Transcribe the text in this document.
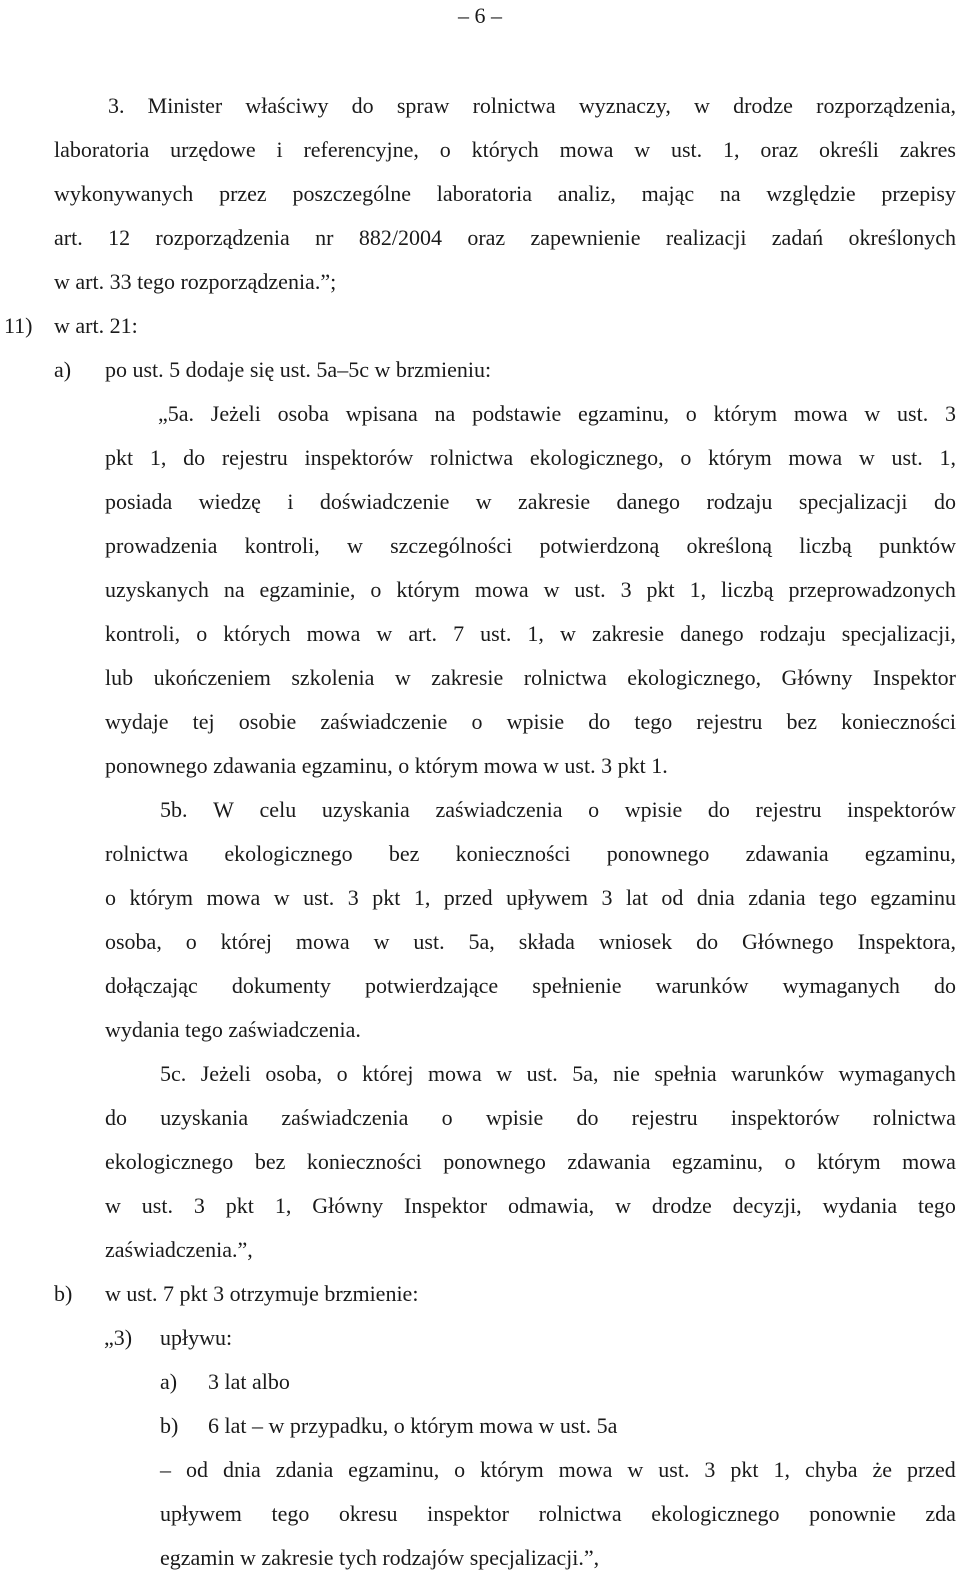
– 6 –
3. Minister właściwy do spraw rolnictwa wyznaczy, w drodze rozporządzenia,
laboratoria urzędowe i referencyjne, o których mowa w ust. 1, oraz określi zakres
wykonywanych przez poszczególne laboratoria analiz, mając na względzie przepisy
art. 12 rozporządzenia nr 882/2004 oraz zapewnienie realizacji zadań określonych
w art. 33 tego rozporządzenia.”;
11) w art. 21:
a) po ust. 5 dodaje się ust. 5a–5c w brzmieniu:
„5a. Jeżeli osoba wpisana na podstawie egzaminu, o którym mowa w ust. 3
pkt 1, do rejestru inspektorów rolnictwa ekologicznego, o którym mowa w ust. 1,
posiada wiedzę i doświadczenie w zakresie danego rodzaju specjalizacji do
prowadzenia kontroli, w szczególności potwierdzoną określoną liczbą punktów
uzyskanych na egzaminie, o którym mowa w ust. 3 pkt 1, liczbą przeprowadzonych
kontroli, o których mowa w art. 7 ust. 1, w zakresie danego rodzaju specjalizacji,
lub ukończeniem szkolenia w zakresie rolnictwa ekologicznego, Główny Inspektor
wydaje tej osobie zaświadczenie o wpisie do tego rejestru bez konieczności
ponownego zdawania egzaminu, o którym mowa w ust. 3 pkt 1.
5b. W celu uzyskania zaświadczenia o wpisie do rejestru inspektorów
rolnictwa ekologicznego bez konieczności ponownego zdawania egzaminu,
o którym mowa w ust. 3 pkt 1, przed upływem 3 lat od dnia zdania tego egzaminu
osoba, o której mowa w ust. 5a, składa wniosek do Głównego Inspektora,
dołączając dokumenty potwierdzające spełnienie warunków wymaganych do
wydania tego zaświadczenia.
5c. Jeżeli osoba, o której mowa w ust. 5a, nie spełnia warunków wymaganych
do uzyskania zaświadczenia o wpisie do rejestru inspektorów rolnictwa
ekologicznego bez konieczności ponownego zdawania egzaminu, o którym mowa
w ust. 3 pkt 1, Główny Inspektor odmawia, w drodze decyzji, wydania tego
zaświadczenia.”,
b) w ust. 7 pkt 3 otrzymuje brzmienie:
„3) upływu:
a) 3 lat albo
b) 6 lat – w przypadku, o którym mowa w ust. 5a
– od dnia zdania egzaminu, o którym mowa w ust. 3 pkt 1, chyba że przed
upływem tego okresu inspektor rolnictwa ekologicznego ponownie zda
egzamin w zakresie tych rodzajów specjalizacji.”,
